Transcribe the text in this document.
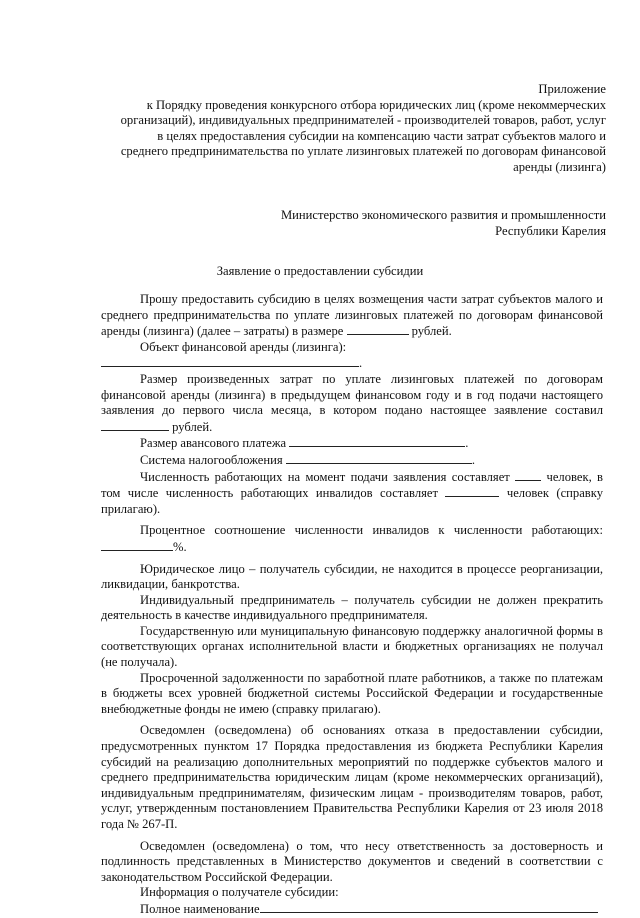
Приложение
к Порядку проведения конкурсного отбора юридических лиц (кроме некоммерческих
организаций), индивидуальных предпринимателей - производителей товаров, работ, услуг
в целях предоставления субсидии на компенсацию части затрат субъектов малого и
среднего предпринимательства по уплате лизинговых платежей по договорам финансовой
аренды (лизинга)
Министерство экономического развития и промышленности
Республики Карелия
Заявление о предоставлении субсидии

Прошу предоставить субсидию в целях возмещения части затрат субъектов малого и среднего предпринимательства по уплате лизинговых платежей по договорам финансовой аренды (лизинга) (далее – затраты) в размере	рублей.

Объект финансовой аренды (лизинга): .

Размер произведенных затрат по уплате лизинговых платежей по договорам финансовой аренды (лизинга) в предыдущем финансовом году и в год подачи настоящего заявления до первого числа месяца, в котором подано настоящее заявление составил  рублей.

Размер авансового платежа	.

Система налогообложения	.

Численность работающих на момент подачи заявления составляет	человек, в том числе численность работающих инвалидов составляет	человек (справку прилагаю).

Процентное соотношение численности инвалидов к численности работающих: %.

Юридическое лицо – получатель субсидии, не находится в процессе реорганизации, ликвидации, банкротства.

Индивидуальный предприниматель – получатель субсидии не должен прекратить деятельность в качестве индивидуального предпринимателя.

Государственную или муниципальную финансовую поддержку аналогичной формы в соответствующих органах исполнительной власти и бюджетных организациях не получал (не получала).

Просроченной задолженности по заработной плате работников, а также по платежам в бюджеты всех уровней бюджетной системы Российской Федерации и государственные внебюджетные фонды не имею (справку прилагаю).

Осведомлен (осведомлена) об основаниях отказа в предоставлении субсидии, предусмотренных пунктом 17 Порядка предоставления из бюджета Республики Карелия субсидий на реализацию дополнительных мероприятий по поддержке субъектов малого и среднего предпринимательства юридическим лицам (кроме некоммерческих организаций), индивидуальным предпринимателям, физическим лицам - производителям товаров, работ, услуг, утвержденным постановлением Правительства Республики Карелия от 23 июля 2018 года № 267-П.

Осведомлен (осведомлена) о том, что несу ответственность за достоверность и подлинность представленных в Министерство документов и сведений в соответствии с законодательством Российской Федерации.

Информация о получателе субсидии:

Полное наименование
